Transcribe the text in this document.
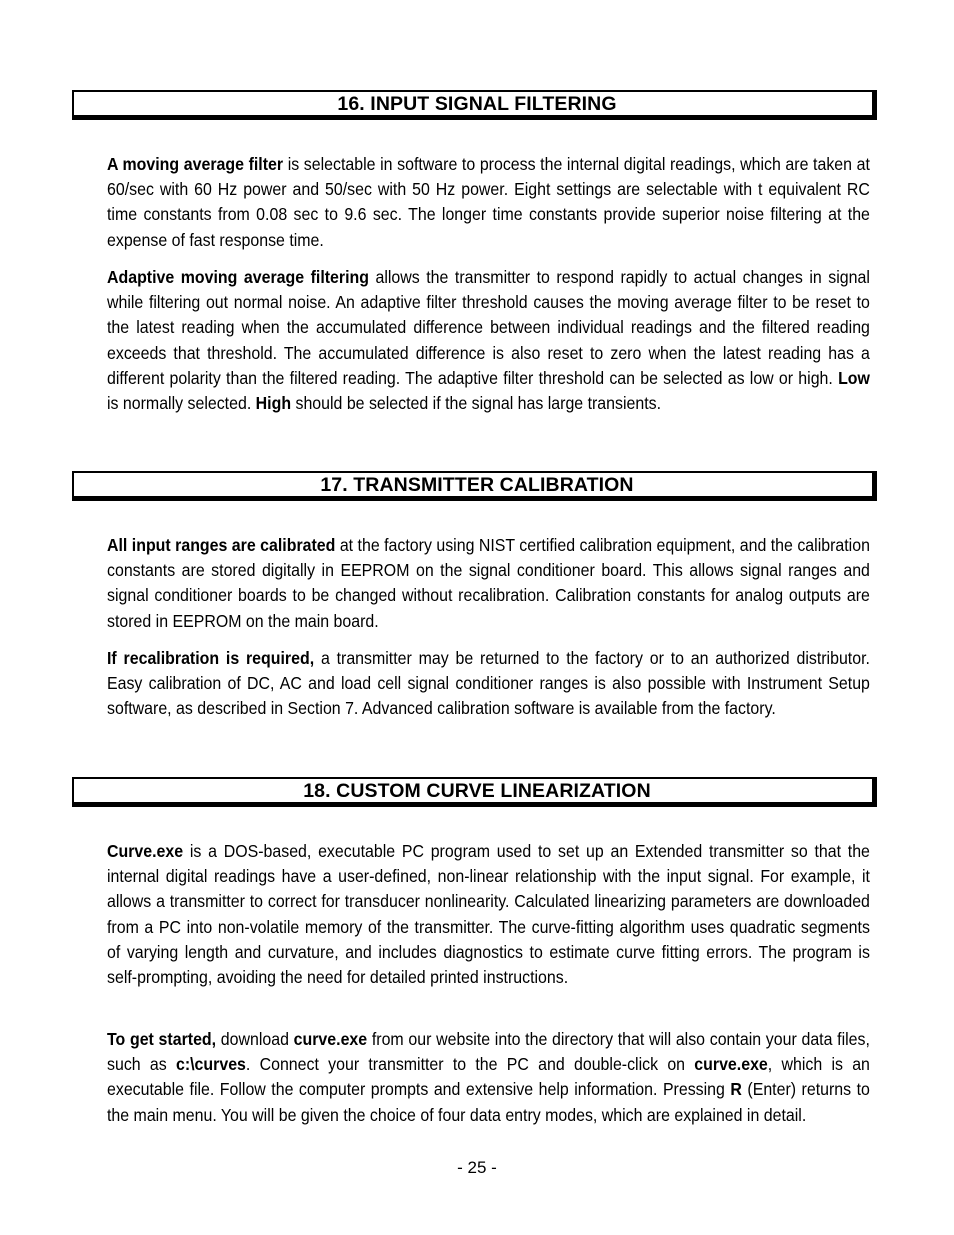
16. INPUT SIGNAL FILTERING

A moving average filter is selectable in software to process the internal digital readings, which are taken at 60/sec with 60 Hz power and 50/sec with 50 Hz power. Eight settings are selectable with t equivalent RC time constants from 0.08 sec to 9.6 sec. The longer time constants provide superior noise filtering at the expense of fast response time.

Adaptive moving average filtering allows the transmitter to respond rapidly to actual changes in signal while filtering out normal noise. An adaptive filter threshold causes the moving average filter to be reset to the latest reading when the accumulated difference between individual readings and the filtered reading exceeds that threshold. The accumulated difference is also reset to zero when the latest reading has a different polarity than the filtered reading. The adaptive filter threshold can be selected as low or high. Low is normally selected. High should be selected if the signal has large transients.

17. TRANSMITTER CALIBRATION

All input ranges are calibrated at the factory using NIST certified calibration equipment, and the calibration constants are stored digitally in EEPROM on the signal conditioner board. This allows signal ranges and signal conditioner boards to be changed without recalibration. Calibration constants for analog outputs are stored in EEPROM on the main board.

If recalibration is required, a transmitter may be returned to the factory or to an authorized distributor. Easy calibration of DC, AC and load cell signal conditioner ranges is also possible with Instrument Setup software, as described in Section 7. Advanced calibration software is available from the factory.

18. CUSTOM CURVE LINEARIZATION

Curve.exe is a DOS-based, executable PC program used to set up an Extended transmitter so that the internal digital readings have a user-defined, non-linear relationship with the input signal. For example, it allows a transmitter to correct for transducer nonlinearity. Calculated linearizing parameters are downloaded from a PC into non-volatile memory of the transmitter. The curve-fitting algorithm uses quadratic segments of varying length and curvature, and includes diagnostics to estimate curve fitting errors. The program is self-prompting, avoiding the need for detailed printed instructions.

To get started, download curve.exe from our website into the directory that will also contain your data files, such as c:\curves. Connect your transmitter to the PC and double-click on curve.exe, which is an executable file. Follow the computer prompts and extensive help information. Pressing R (Enter) returns to the main menu. You will be given the choice of four data entry modes, which are explained in detail.

- 25 -
